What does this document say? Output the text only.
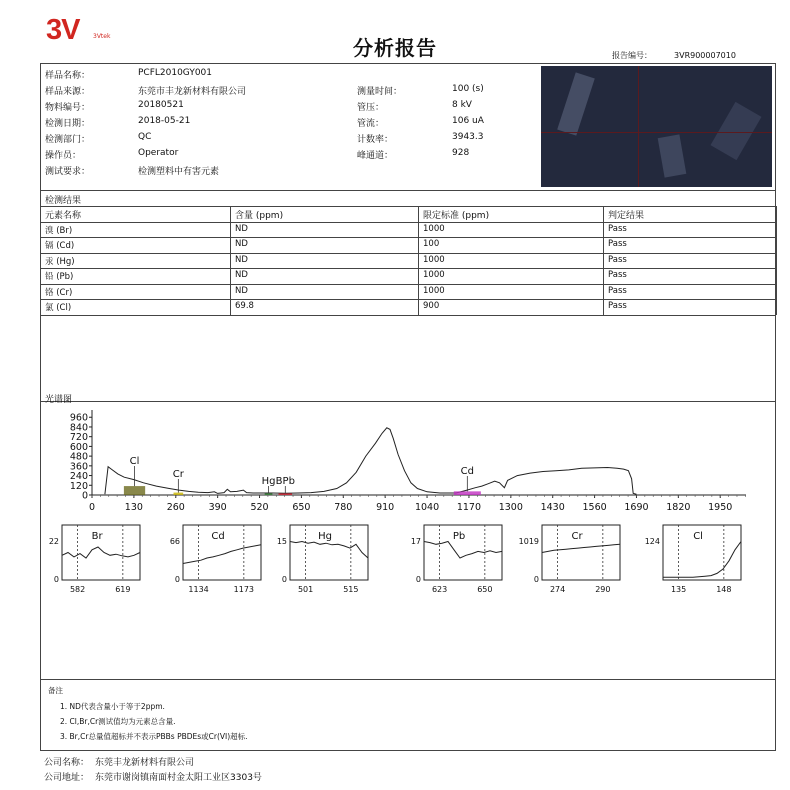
3V 3Vtek	分析报告	报告编号：	3VR900007010
检测结果
光谱图
960
840
720
600
480
360
240
120
0
0	130 260 390 520 650 780 910 1040 1170 1300 1430 1560 1690 1820 1950
Cl
Cr
Hg BPb
Cd
Br
22
0
582	619
Cd
66
0
1134	1173
Hg
15
0
501	515
Pb
17
0
623	650
Cr
1019
0
274	290
Cl
124
135	148
备注
1. ND代表含量小于等于2ppm.
2. Cl,Br,Cr测试值均为元素总含量.
3. Br,Cr总量值超标并不表示PBBs PBDEs或Cr(VI)超标.
公司名称： 东莞丰龙新材料有限公司
公司地址： 东莞市谢岗镇南面村金太阳工业区3303号
样品名称：	PCFL2010GY001
样品来源：	东莞市丰龙新材料有限公司
物料编号：	20180521
检测日期：	2018-05-21
检测部门：	QC
操作员：	Operator
测试要求：	检测塑料中有害元素
测量时间：	100 (s)
管压：	8 kV
管流：	106 uA
计数率：	3943.3
峰通道：	928
元素名称	含量 (ppm)	限定标准 (ppm)	判定结果
溴 (Br)	ND	1000	Pass
镉 (Cd)	ND	100	Pass
汞 (Hg)	ND	1000	Pass
铅 (Pb)	ND	1000	Pass
铬 (Cr)	ND	1000	Pass
氯 (Cl)	69.8	900	Pass
